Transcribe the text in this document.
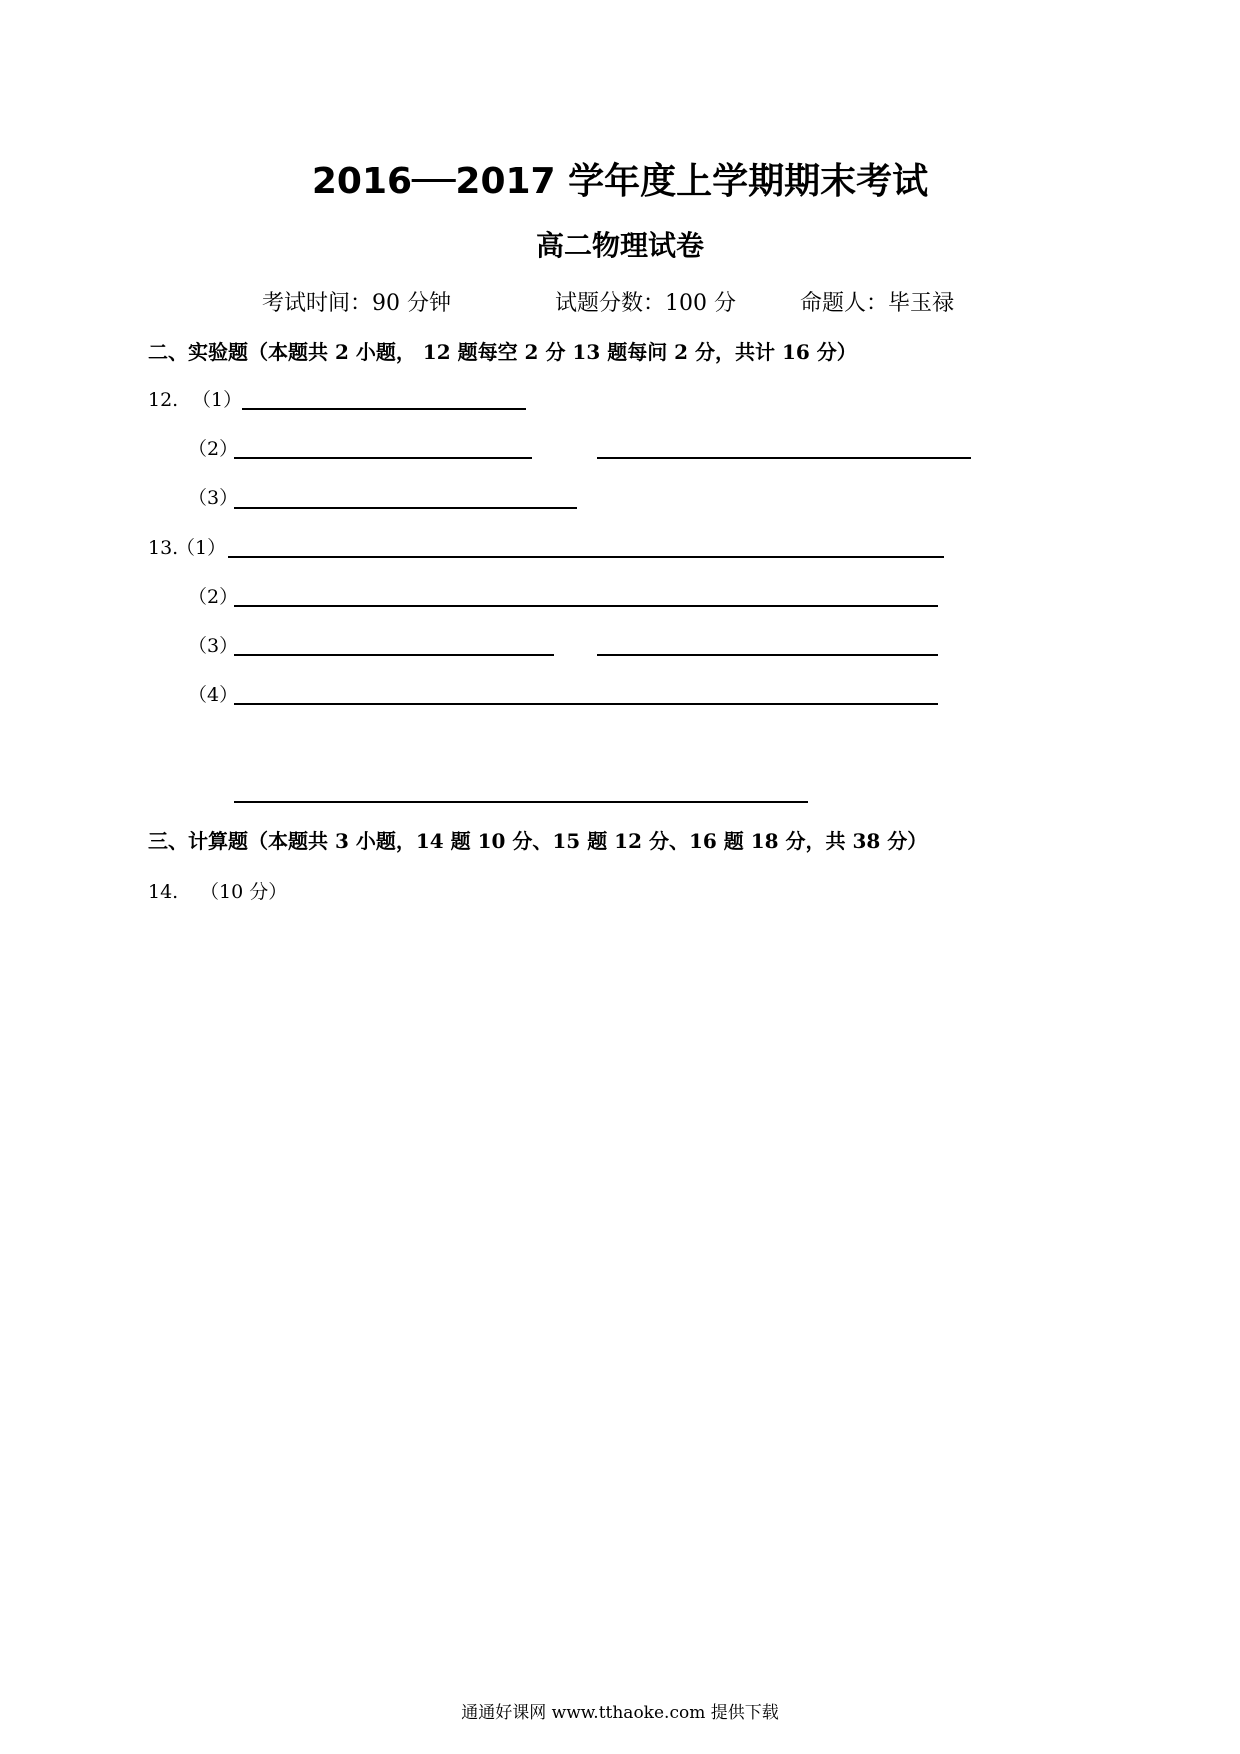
2016──2017 学年度上学期期末考试
高二物理试卷
考试时间：90 分钟	试题分数：100 分	命题人：毕玉禄
二、实验题（本题共 2 小题， 12 题每空 2 分 13 题每问 2 分，共计 16 分）
12. （1）
（2）
（3）
13.
（1）
（2）
（3）
（4）
三、计算题（本题共 3 小题，14 题 10 分、15 题 12 分、16 题 18 分，共 38 分）
14. （10 分）
通通好课网 www.tthaoke.com 提供下载
